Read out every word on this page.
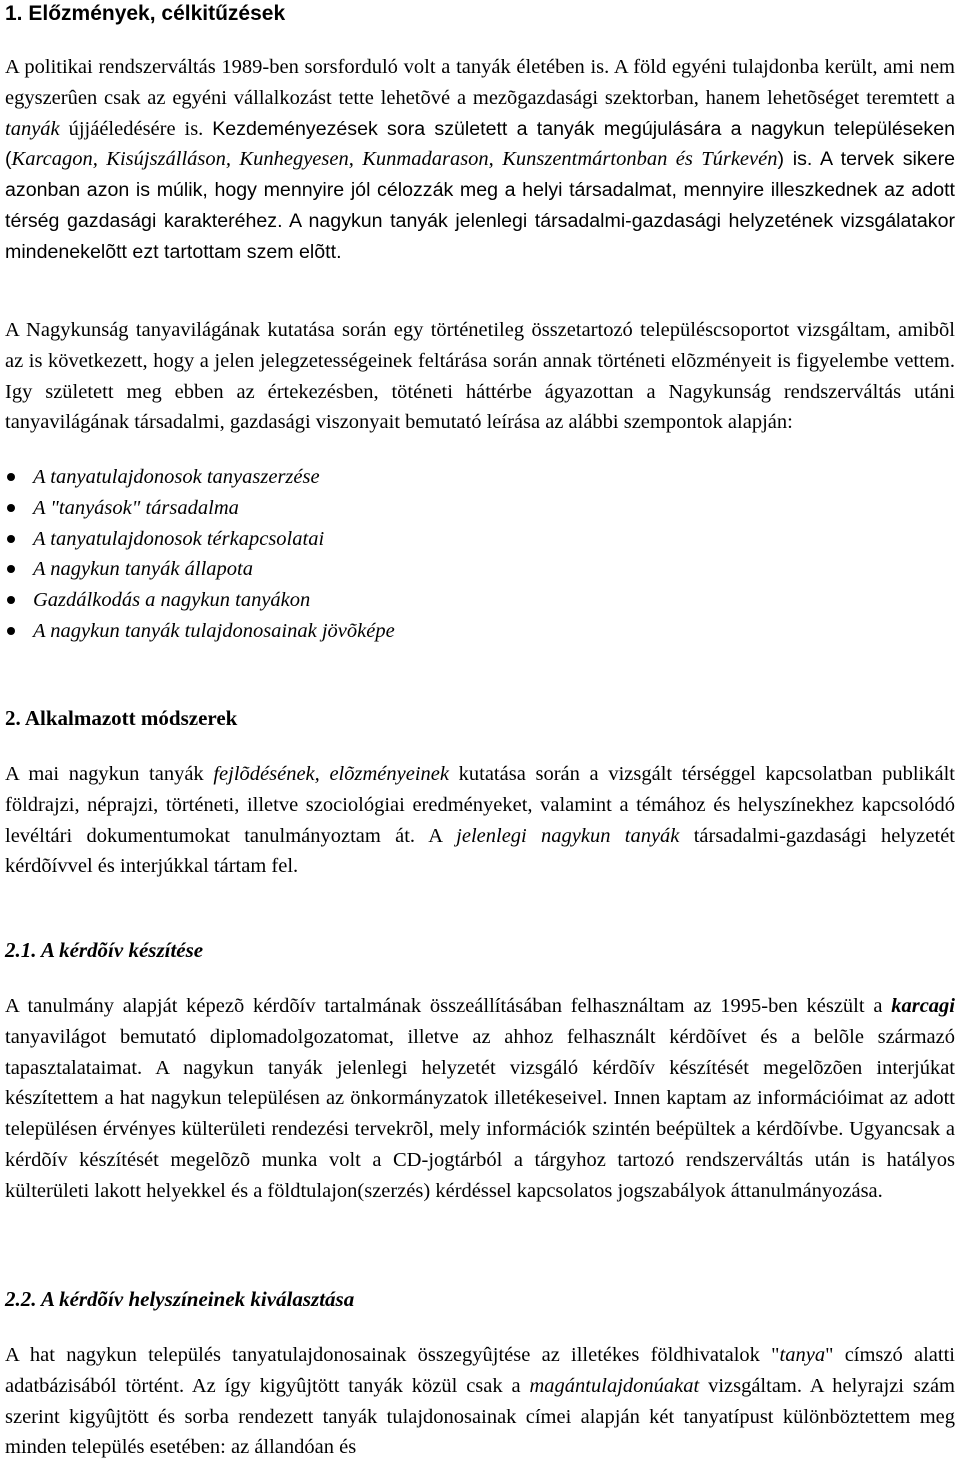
1. Előzmények, célkitűzések

A politikai rendszerváltás 1989-ben sorsforduló volt a tanyák életében is. A föld egyéni tulajdonba került, ami nem egyszerûen csak az egyéni vállalkozást tette lehetõvé a mezõgazdasági szektorban, hanem lehetõséget teremtett a tanyák újjáéledésére is. Kezdeményezések sora született a tanyák megújulására a nagykun településeken (Karcagon, Kisújszálláson, Kunhegyesen, Kunmadarason, Kunszentmártonban és Túrkevén) is. A tervek sikere azonban azon is múlik, hogy mennyire jól célozzák meg a helyi társadalmat, mennyire illeszkednek az adott térség gazdasági karakteréhez. A nagykun tanyák jelenlegi társadalmi-gazdasági helyzetének vizsgálatakor mindenekelõtt ezt tartottam szem elõtt.

A Nagykunság tanyavilágának kutatása során egy történetileg összetartozó településcsoportot vizsgáltam, amibõl az is következett, hogy a jelen jelegzetességeinek feltárása során annak történeti elõzményeit is figyelembe vettem. Igy született meg ebben az értekezésben, töténeti háttérbe ágyazottan a Nagykunság rendszerváltás utáni tanyavilágának társadalmi, gazdasági viszonyait bemutató leírása az alábbi szempontok alapján:

A tanyatulajdonosok tanyaszerzése
A "tanyások" társadalma
A tanyatulajdonosok térkapcsolatai
A nagykun tanyák állapota
Gazdálkodás a nagykun tanyákon
A nagykun tanyák tulajdonosainak jövõképe
2. Alkalmazott módszerek

A mai nagykun tanyák fejlõdésének, elõzményeinek kutatása során a vizsgált térséggel kapcsolatban publikált földrajzi, néprajzi, történeti, illetve szociológiai eredményeket, valamint a témához és helyszínekhez kapcsolódó levéltári dokumentumokat tanulmányoztam át. A jelenlegi nagykun tanyák társadalmi-gazdasági helyzetét kérdõívvel és interjúkkal tártam fel.

2.1. A kérdõív készítése

A tanulmány alapját képezõ kérdõív tartalmának összeállításában felhasználtam az 1995-ben készült a karcagi tanyavilágot bemutató diplomadolgozatomat, illetve az ahhoz felhasznált kérdõívet és a belõle származó tapasztalataimat. A nagykun tanyák jelenlegi helyzetét vizsgáló kérdõív készítését megelõzõen interjúkat készítettem a hat nagykun településen az önkormányzatok illetékeseivel. Innen kaptam az információimat az adott településen érvényes külterületi rendezési tervekrõl, mely információk szintén beépültek a kérdõívbe. Ugyancsak a kérdõív készítését megelõzõ munka volt a CD-jogtárból a tárgyhoz tartozó rendszerváltás után is hatályos külterületi lakott helyekkel és a földtulajon(szerzés) kérdéssel kapcsolatos jogszabályok áttanulmányozása.

2.2. A kérdõív helyszíneinek kiválasztása

A hat nagykun település tanyatulajdonosainak összegyûjtése az illetékes földhivatalok "tanya" címszó alatti adatbázisából történt. Az így kigyûjtött tanyák közül csak a magántulajdonúakat vizsgáltam. A helyrajzi szám szerint kigyûjtött és sorba rendezett tanyák tulajdonosainak címei alapján két tanyatípust különböztettem meg minden település esetében: az állandóan és
